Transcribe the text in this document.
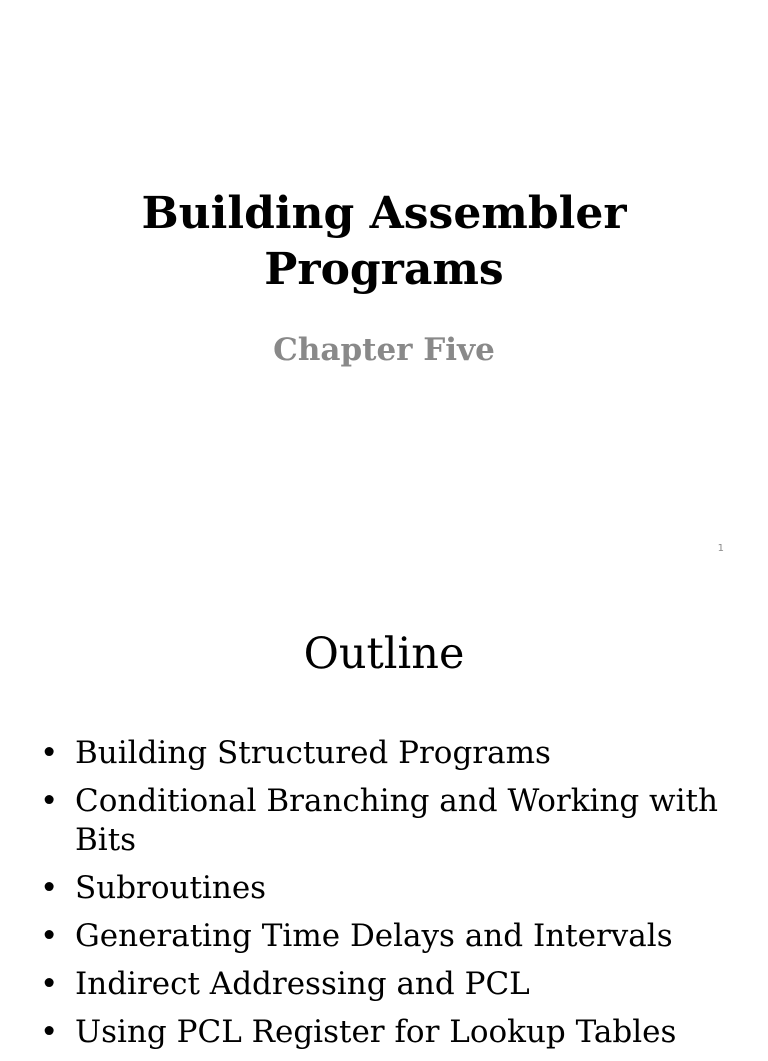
Building Assembler
Programs
Chapter Five
1
Outline
• Building Structured Programs
• Conditional Branching and Working with Bits
• Subroutines
• Generating Time Delays and Intervals
• Indirect Addressing and PCL
• Using PCL Register for Lookup Tables
